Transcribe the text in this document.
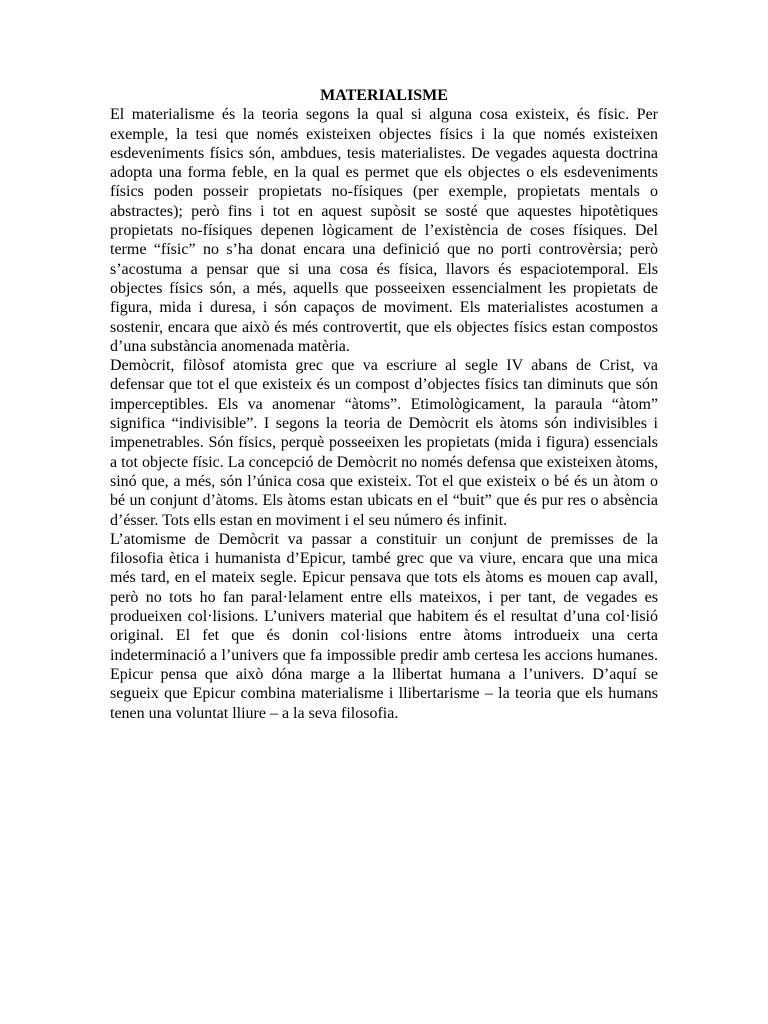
MATERIALISME

El materialisme és la teoria segons la qual si alguna cosa existeix, és físic. Per exemple, la tesi que només existeixen objectes físics i la que només existeixen esdeveniments físics són, ambdues, tesis materialistes. De vegades aquesta doctrina adopta una forma feble, en la qual es permet que els objectes o els esdeveniments físics poden posseir propietats no-físiques (per exemple, propietats mentals o abstractes); però fins i tot en aquest supòsit se sosté que aquestes hipotètiques propietats no-físiques depenen lògicament de l’existència de coses físiques. Del terme “físic” no s’ha donat encara una definició que no porti controvèrsia; però s’acostuma a pensar que si una cosa és física, llavors és espaciotemporal. Els objectes físics són, a més, aquells que posseeixen essencialment les propietats de figura, mida i duresa, i són capaços de moviment. Els materialistes acostumen a sostenir, encara que això és més controvertit, que els objectes físics estan compostos d’una substància anomenada matèria.

Demòcrit, filòsof atomista grec que va escriure al segle IV abans de Crist, va defensar que tot el que existeix és un compost d’objectes físics tan diminuts que són imperceptibles. Els va anomenar “àtoms”. Etimològicament, la paraula “àtom” significa “indivisible”. I segons la teoria de Demòcrit els àtoms són indivisibles i impenetrables. Són físics, perquè posseeixen les propietats (mida i figura) essencials a tot objecte físic. La concepció de Demòcrit no només defensa que existeixen àtoms, sinó que, a més, són l’única cosa que existeix. Tot el que existeix o bé és un àtom o bé un conjunt d’àtoms. Els àtoms estan ubicats en el “buit” que és pur res o absència d’ésser. Tots ells estan en moviment i el seu número és infinit.

L’atomisme de Demòcrit va passar a constituir un conjunt de premisses de la filosofia ètica i humanista d’Epicur, també grec que va viure, encara que una mica més tard, en el mateix segle. Epicur pensava que tots els àtoms es mouen cap avall, però no tots ho fan paral·lelament entre ells mateixos, i per tant, de vegades es produeixen col·lisions. L’univers material que habitem és el resultat d’una col·lisió original. El fet que és donin col·lisions entre àtoms introdueix una certa indeterminació a l’univers que fa impossible predir amb certesa les accions humanes. Epicur pensa que això dóna marge a la llibertat humana a l’univers. D’aquí se segueix que Epicur combina materialisme i llibertarisme – la teoria que els humans tenen una voluntat lliure – a la seva filosofia.
